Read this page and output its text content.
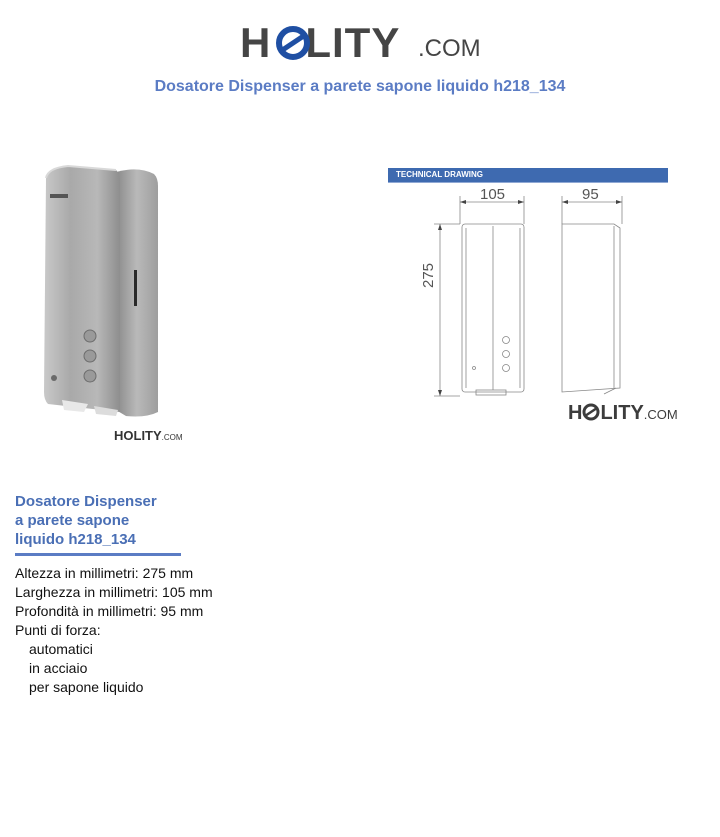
H LITY .COM
Dosatore Dispenser a parete sapone liquido h218_134
HOLITY.COM
TECHNICAL DRAWING
105	95
275
H LITY.COM
Dosatore Dispenser
a parete sapone
liquido h218_134
Altezza in millimetri: 275 mm
Larghezza in millimetri: 105 mm
Profondità in millimetri: 95 mm
Punti di forza:
automatici
in acciaio
per sapone liquido
